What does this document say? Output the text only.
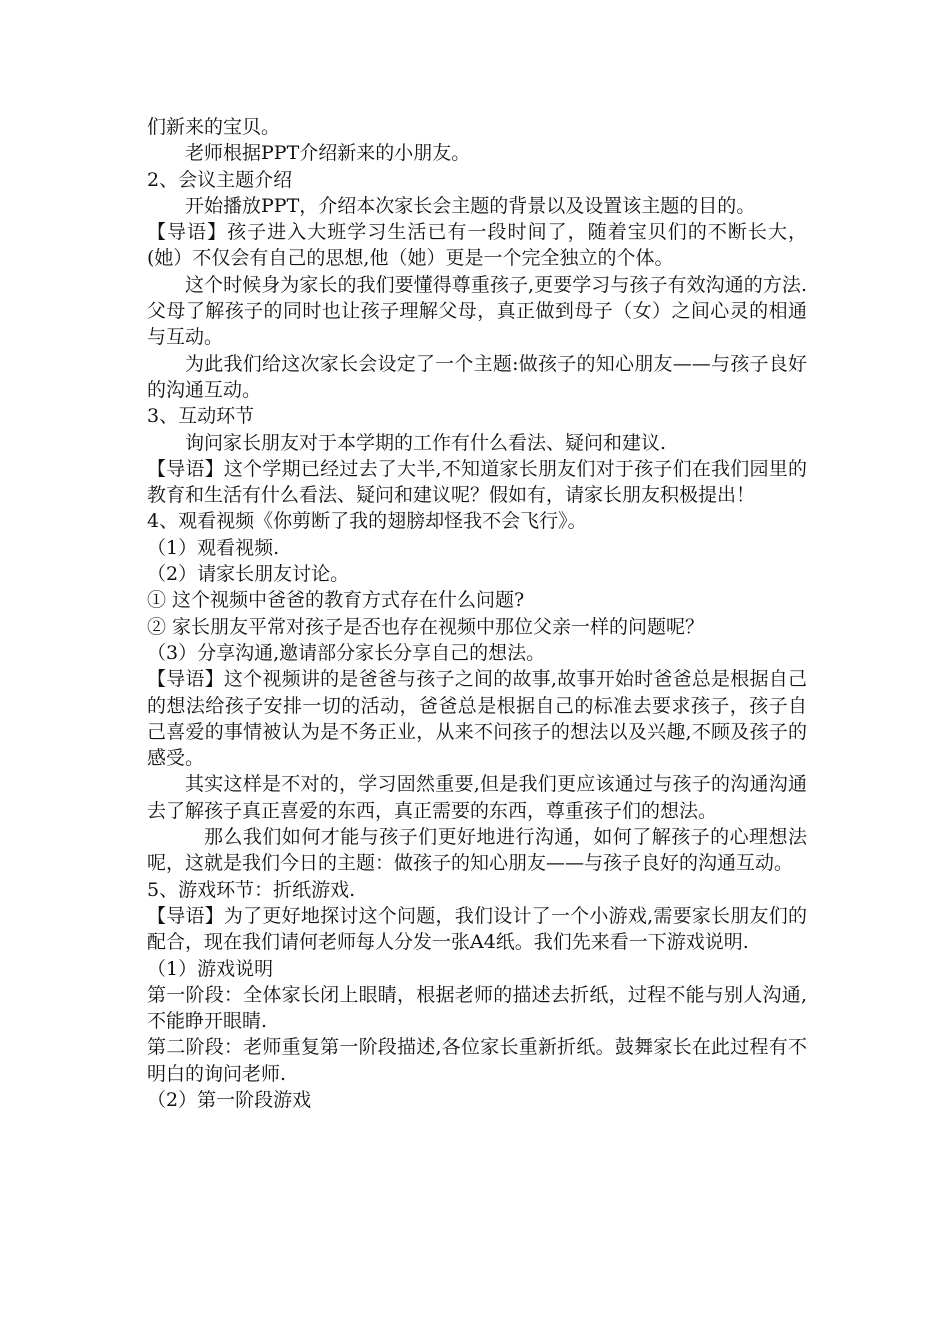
们新来的宝贝。

老师根据PPT介绍新来的小朋友。

2、会议主题介绍

开始播放PPT，介绍本次家长会主题的背景以及设置该主题的目的。

【导语】孩子进入大班学习生活已有一段时间了，随着宝贝们的不断长大，(她）不仅会有自己的思想,他（她）更是一个完全独立的个体。

这个时候身为家长的我们要懂得尊重孩子,更要学习与孩子有效沟通的方法.父母了解孩子的同时也让孩子理解父母，真正做到母子（女）之间心灵的相通与互动。

为此我们给这次家长会设定了一个主题:做孩子的知心朋友——与孩子良好的沟通互动。

3、互动环节

询问家长朋友对于本学期的工作有什么看法、疑问和建议.

【导语】这个学期已经过去了大半,不知道家长朋友们对于孩子们在我们园里的教育和生活有什么看法、疑问和建议呢？假如有，请家长朋友积极提出！

4、观看视频《你剪断了我的翅膀却怪我不会飞行》。

（1）观看视频.

（2）请家长朋友讨论。

① 这个视频中爸爸的教育方式存在什么问题?

② 家长朋友平常对孩子是否也存在视频中那位父亲一样的问题呢？

（3）分享沟通,邀请部分家长分享自己的想法。

【导语】这个视频讲的是爸爸与孩子之间的故事,故事开始时爸爸总是根据自己的想法给孩子安排一切的活动，爸爸总是根据自己的标准去要求孩子，孩子自己喜爱的事情被认为是不务正业，从来不问孩子的想法以及兴趣,不顾及孩子的感受。

其实这样是不对的，学习固然重要,但是我们更应该通过与孩子的沟通沟通去了解孩子真正喜爱的东西，真正需要的东西，尊重孩子们的想法。

那么我们如何才能与孩子们更好地进行沟通，如何了解孩子的心理想法呢，这就是我们今日的主题：做孩子的知心朋友——与孩子良好的沟通互动。

5、游戏环节：折纸游戏.

【导语】为了更好地探讨这个问题，我们设计了一个小游戏,需要家长朋友们的配合，现在我们请何老师每人分发一张A4纸。我们先来看一下游戏说明.

（1）游戏说明

第一阶段：全体家长闭上眼睛，根据老师的描述去折纸，过程不能与别人沟通,不能睁开眼睛.

第二阶段：老师重复第一阶段描述,各位家长重新折纸。鼓舞家长在此过程有不明白的询问老师.

（2）第一阶段游戏
